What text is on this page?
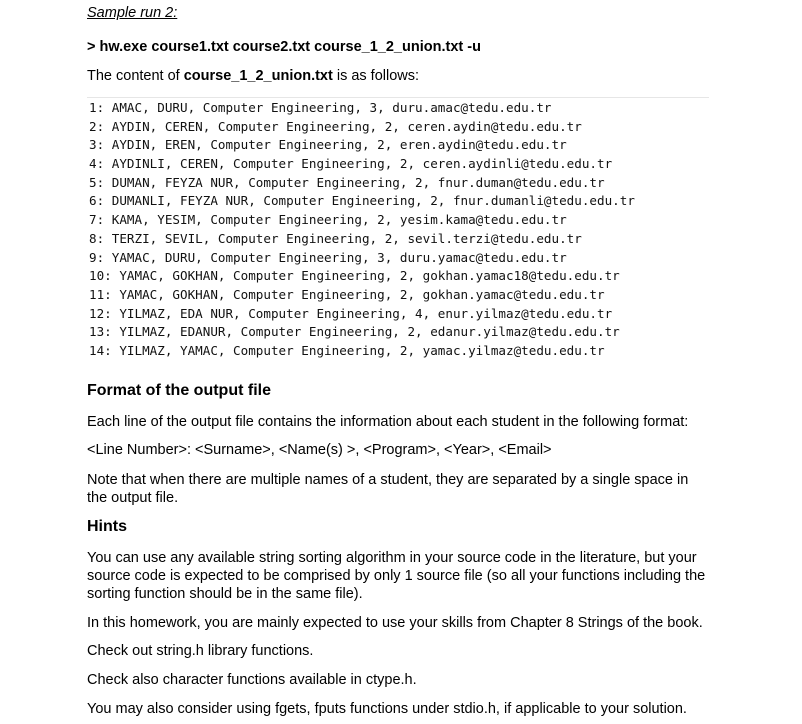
Sample run 2:
> hw.exe course1.txt course2.txt course_1_2_union.txt -u
The content of course_1_2_union.txt is as follows:
1: AMAC, DURU, Computer Engineering, 3, duru.amac@tedu.edu.tr
2: AYDIN, CEREN, Computer Engineering, 2, ceren.aydin@tedu.edu.tr
3: AYDIN, EREN, Computer Engineering, 2, eren.aydin@tedu.edu.tr
4: AYDINLI, CEREN, Computer Engineering, 2, ceren.aydinli@tedu.edu.tr
5: DUMAN, FEYZA NUR, Computer Engineering, 2, fnur.duman@tedu.edu.tr
6: DUMANLI, FEYZA NUR, Computer Engineering, 2, fnur.dumanli@tedu.edu.tr
7: KAMA, YESIM, Computer Engineering, 2, yesim.kama@tedu.edu.tr
8: TERZI, SEVIL, Computer Engineering, 2, sevil.terzi@tedu.edu.tr
9: YAMAC, DURU, Computer Engineering, 3, duru.yamac@tedu.edu.tr
10: YAMAC, GOKHAN, Computer Engineering, 2, gokhan.yamac18@tedu.edu.tr
11: YAMAC, GOKHAN, Computer Engineering, 2, gokhan.yamac@tedu.edu.tr
12: YILMAZ, EDA NUR, Computer Engineering, 4, enur.yilmaz@tedu.edu.tr
13: YILMAZ, EDANUR, Computer Engineering, 2, edanur.yilmaz@tedu.edu.tr
14: YILMAZ, YAMAC, Computer Engineering, 2, yamac.yilmaz@tedu.edu.tr
Format of the output file
Each line of the output file contains the information about each student in the following format:
<Line Number>: <Surname>, <Name(s) >, <Program>, <Year>, <Email>
Note that when there are multiple names of a student, they are separated by a single space in the output file.
Hints
You can use any available string sorting algorithm in your source code in the literature, but your source code is expected to be comprised by only 1 source file (so all your functions including the sorting function should be in the same file).
In this homework, you are mainly expected to use your skills from Chapter 8 Strings of the book.
Check out string.h library functions.
Check also character functions available in ctype.h.
You may also consider using fgets, fputs functions under stdio.h, if applicable to your solution.
